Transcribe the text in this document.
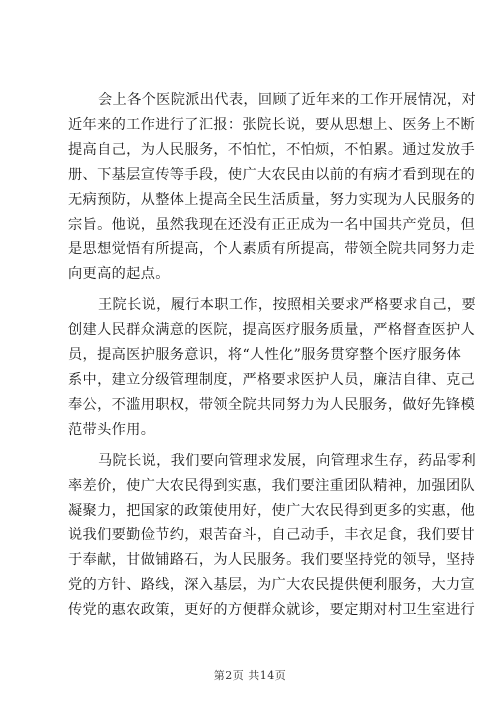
会上各个医院派出代表，回顾了近年来的工作开展情况，对
近年来的工作进行了汇报：张院长说，要从思想上、医务上不断
提高自己，为人民服务，不怕忙，不怕烦，不怕累。通过发放手
册、下基层宣传等手段，使广大农民由以前的有病才看到现在的
无病预防，从整体上提高全民生活质量，努力实现为人民服务的
宗旨。他说，虽然我现在还没有正正成为一名中国共产党员，但
是思想觉悟有所提高，个人素质有所提高，带领全院共同努力走
向更高的起点。

王院长说，履行本职工作，按照相关要求严格要求自己，要
创建人民群众满意的医院，提高医疗服务质量，严格督查医护人
员，提高医护服务意识，将“人性化”服务贯穿整个医疗服务体
系中，建立分级管理制度，严格要求医护人员，廉洁自律、克己
奉公，不滥用职权，带领全院共同努力为人民服务，做好先锋模
范带头作用。

马院长说，我们要向管理求发展，向管理求生存，药品零利
率差价，使广大农民得到实惠，我们要注重团队精神，加强团队
凝聚力，把国家的政策使用好，使广大农民得到更多的实惠，他
说我们要勤俭节约，艰苦奋斗，自己动手，丰衣足食，我们要甘
于奉献，甘做铺路石，为人民服务。我们要坚持党的领导，坚持
党的方针、路线，深入基层，为广大农民提供便利服务，大力宣
传党的惠农政策，更好的方便群众就诊，要定期对村卫生室进行

第2页 共14页
